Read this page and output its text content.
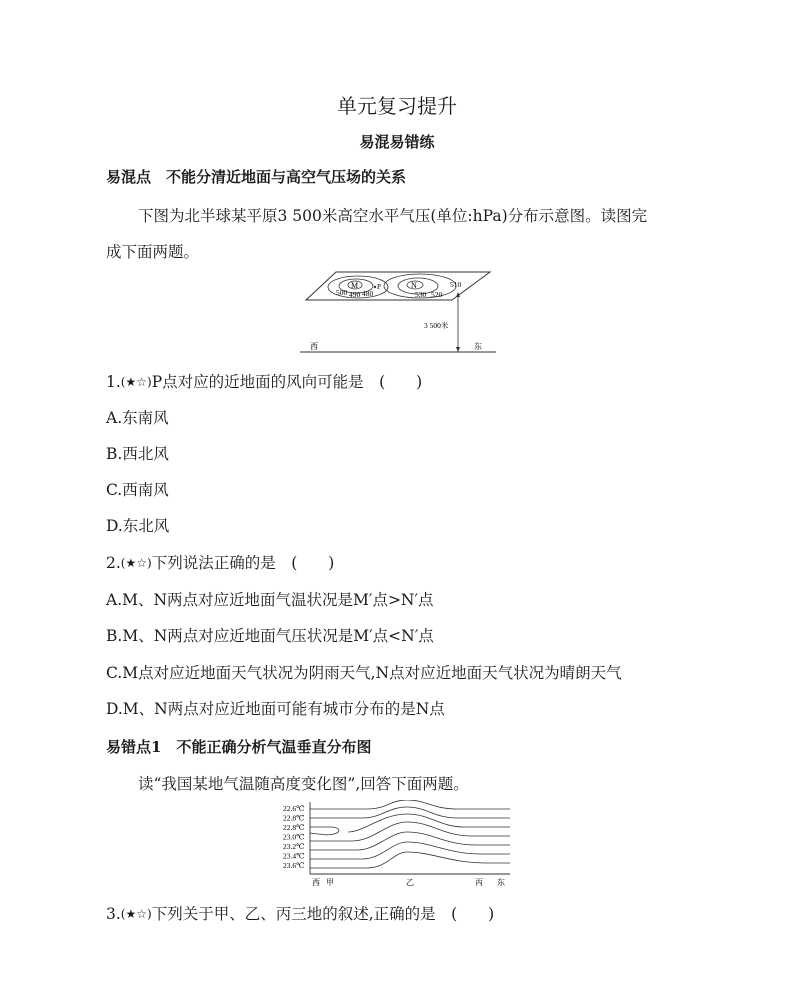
单元复习提升
易混易错练
易混点　不能分清近地面与高空气压场的关系
下图为北半球某平原3 500米高空水平气压(单位:hPa)分布示意图。读图完
成下面两题。
500 490 480
510
530 520
M	P	N
3 500米
西	东
1.(★☆)P点对应的近地面的风向可能是　(　　)
A.东南风
B.西北风
C.西南风
D.东北风
2.(★☆)下列说法正确的是　(　　)
A.M、N两点对应近地面气温状况是M′点>N′点
B.M、N两点对应近地面气压状况是M′点<N′点
C.M点对应近地面天气状况为阴雨天气,N点对应近地面天气状况为晴朗天气
D.M、N两点对应近地面可能有城市分布的是N点
易错点1　不能正确分析气温垂直分布图
读“我国某地气温随高度变化图”,回答下面两题。
22.6℃
22.8℃
22.8℃
23.0℃
23.2℃
23.4℃
23.6℃
西 甲	乙	丙 东
3.(★☆)下列关于甲、乙、丙三地的叙述,正确的是　(　　)
